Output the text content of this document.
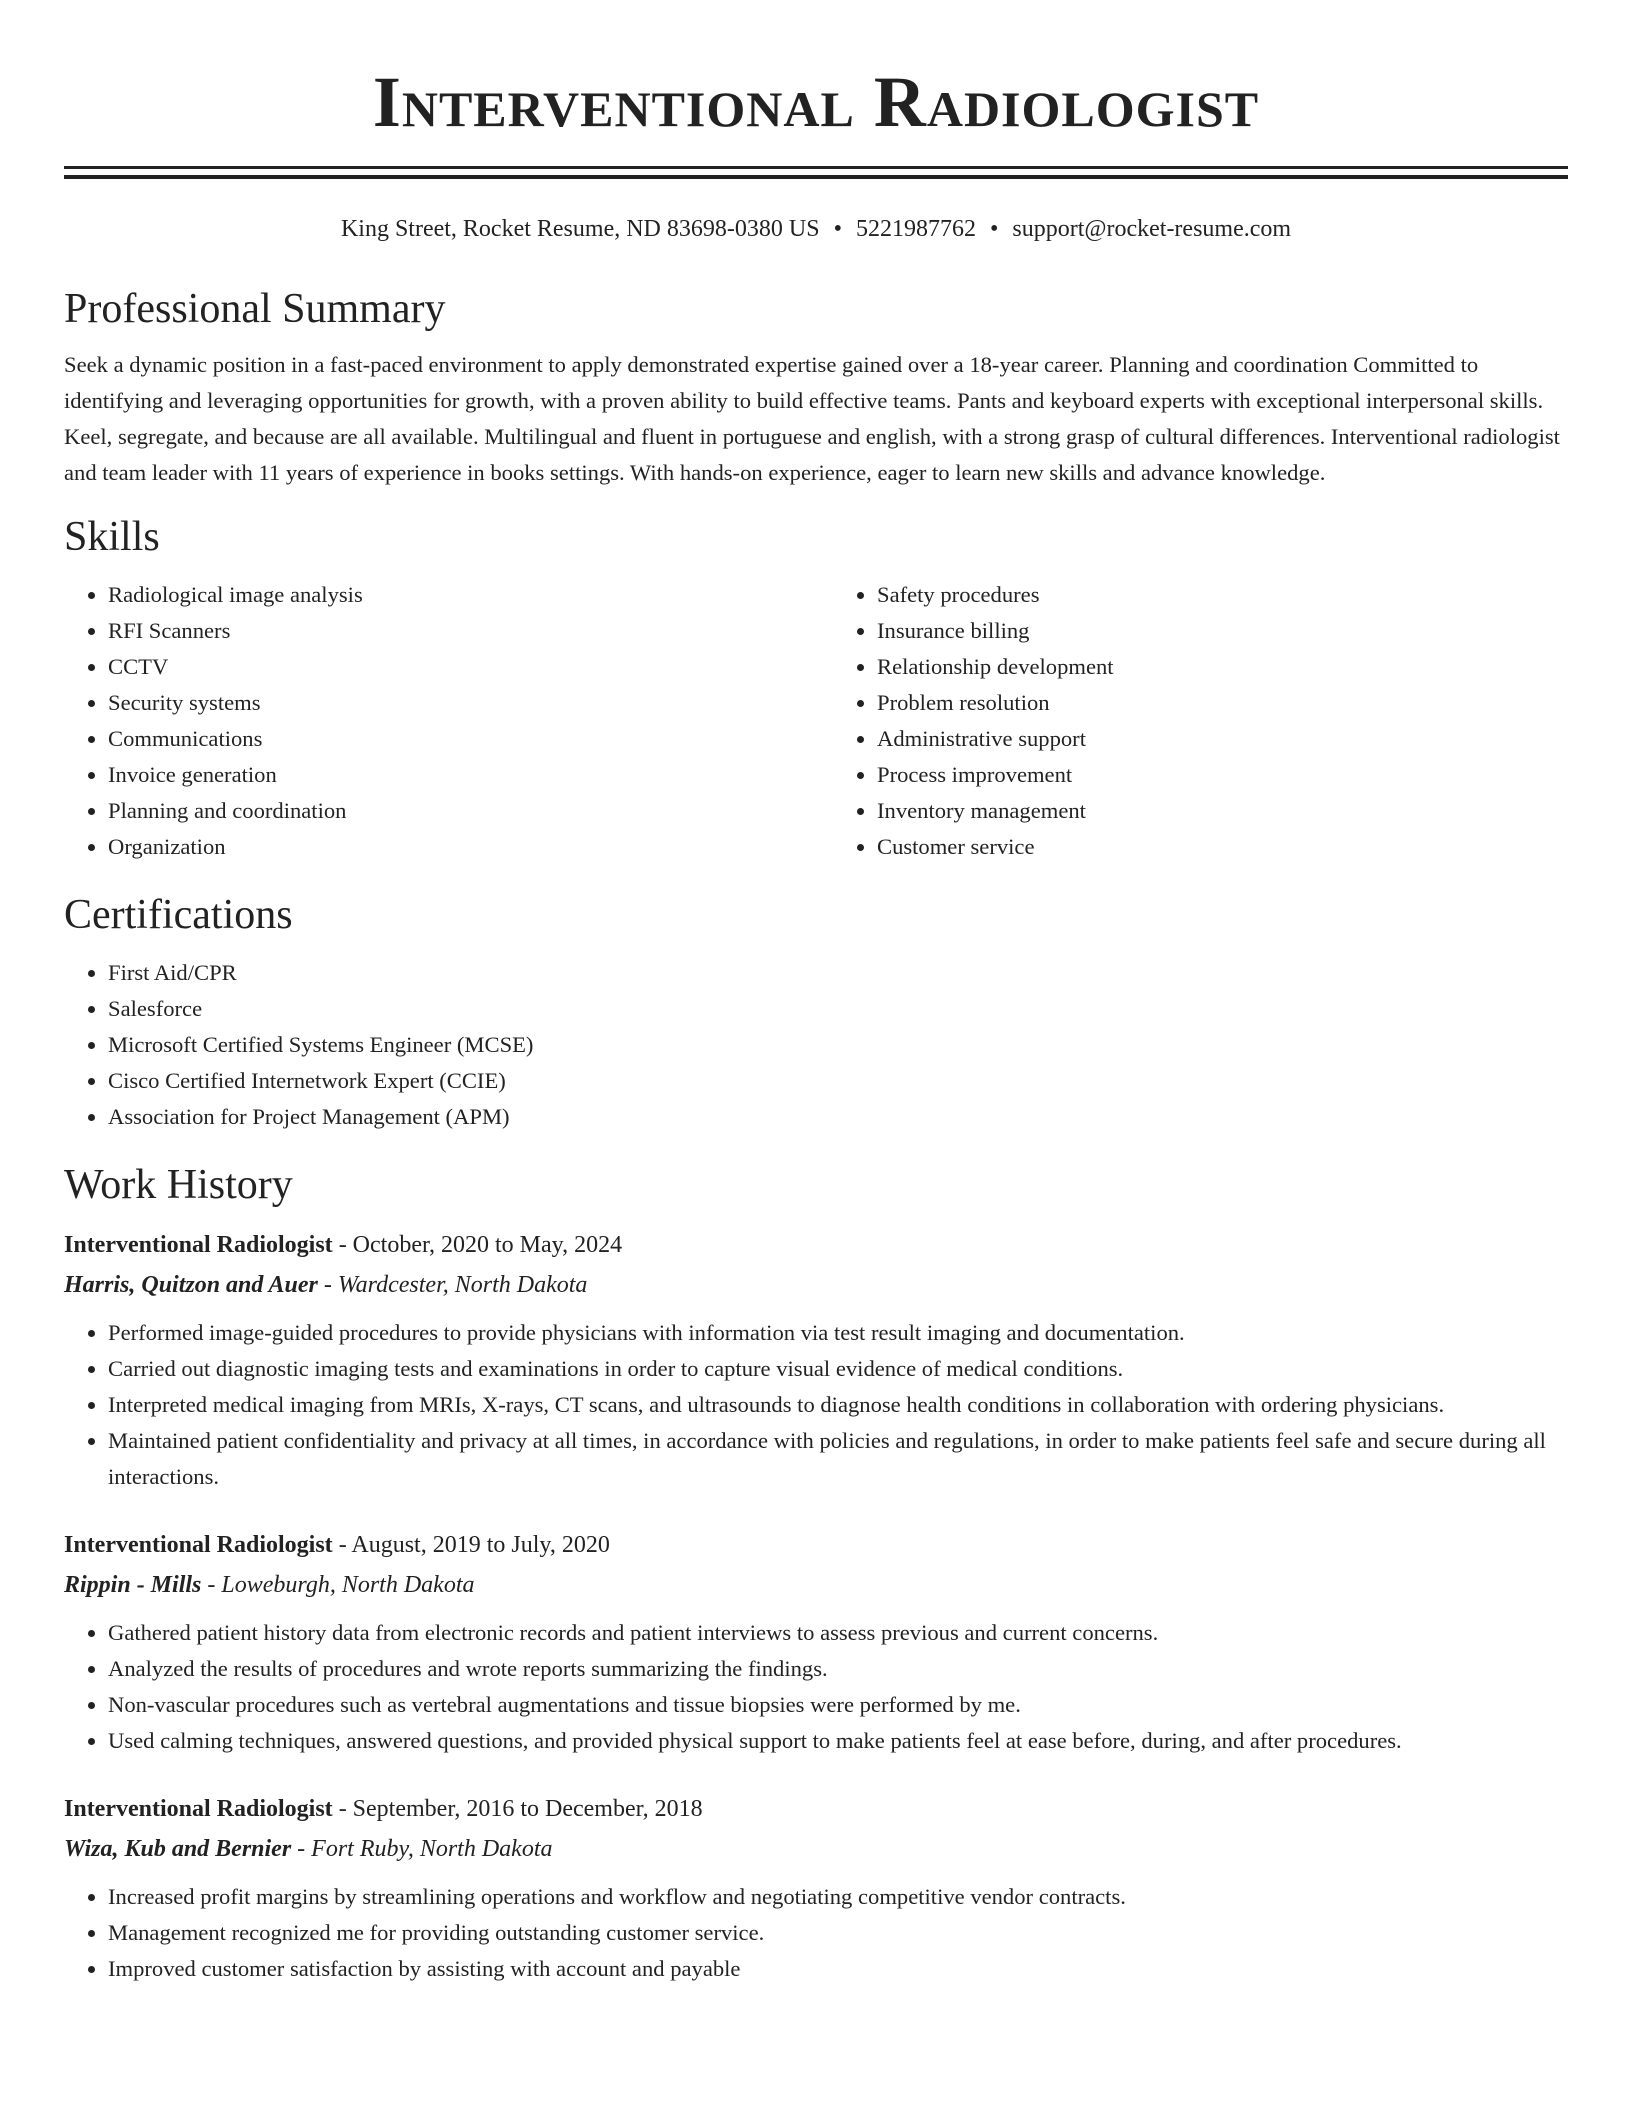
Interventional Radiologist
King Street, Rocket Resume, ND 83698-0380 US • 5221987762 • support@rocket-resume.com
Professional Summary

Seek a dynamic position in a fast-paced environment to apply demonstrated expertise gained over a 18-year career. Planning and coordination Committed to identifying and leveraging opportunities for growth, with a proven ability to build effective teams. Pants and keyboard experts with exceptional interpersonal skills. Keel, segregate, and because are all available. Multilingual and fluent in portuguese and english, with a strong grasp of cultural differences. Interventional radiologist and team leader with 11 years of experience in books settings. With hands-on experience, eager to learn new skills and advance knowledge.

Skills
• Radiological image analysis
• RFI Scanners
• CCTV
• Security systems
• Communications
• Invoice generation
• Planning and coordination
• Organization
• Safety procedures
• Insurance billing
• Relationship development
• Problem resolution
• Administrative support
• Process improvement
• Inventory management
• Customer service
Certifications
• First Aid/CPR
• Salesforce
• Microsoft Certified Systems Engineer (MCSE)
• Cisco Certified Internetwork Expert (CCIE)
• Association for Project Management (APM)
Work History
Interventional Radiologist - October, 2020 to May, 2024
Harris, Quitzon and Auer - Wardcester, North Dakota
• Performed image-guided procedures to provide physicians with information via test result imaging and documentation.
• Carried out diagnostic imaging tests and examinations in order to capture visual evidence of medical conditions.
• Interpreted medical imaging from MRIs, X-rays, CT scans, and ultrasounds to diagnose health conditions in collaboration with ordering physicians.
• Maintained patient confidentiality and privacy at all times, in accordance with policies and regulations, in order to make patients feel safe and secure during all interactions.
Interventional Radiologist - August, 2019 to July, 2020
Rippin - Mills - Loweburgh, North Dakota
• Gathered patient history data from electronic records and patient interviews to assess previous and current concerns.
• Analyzed the results of procedures and wrote reports summarizing the findings.
• Non-vascular procedures such as vertebral augmentations and tissue biopsies were performed by me.
• Used calming techniques, answered questions, and provided physical support to make patients feel at ease before, during, and after procedures.
Interventional Radiologist - September, 2016 to December, 2018
Wiza, Kub and Bernier - Fort Ruby, North Dakota
• Increased profit margins by streamlining operations and workflow and negotiating competitive vendor contracts.
• Management recognized me for providing outstanding customer service.
• Improved customer satisfaction by assisting with account and payable
